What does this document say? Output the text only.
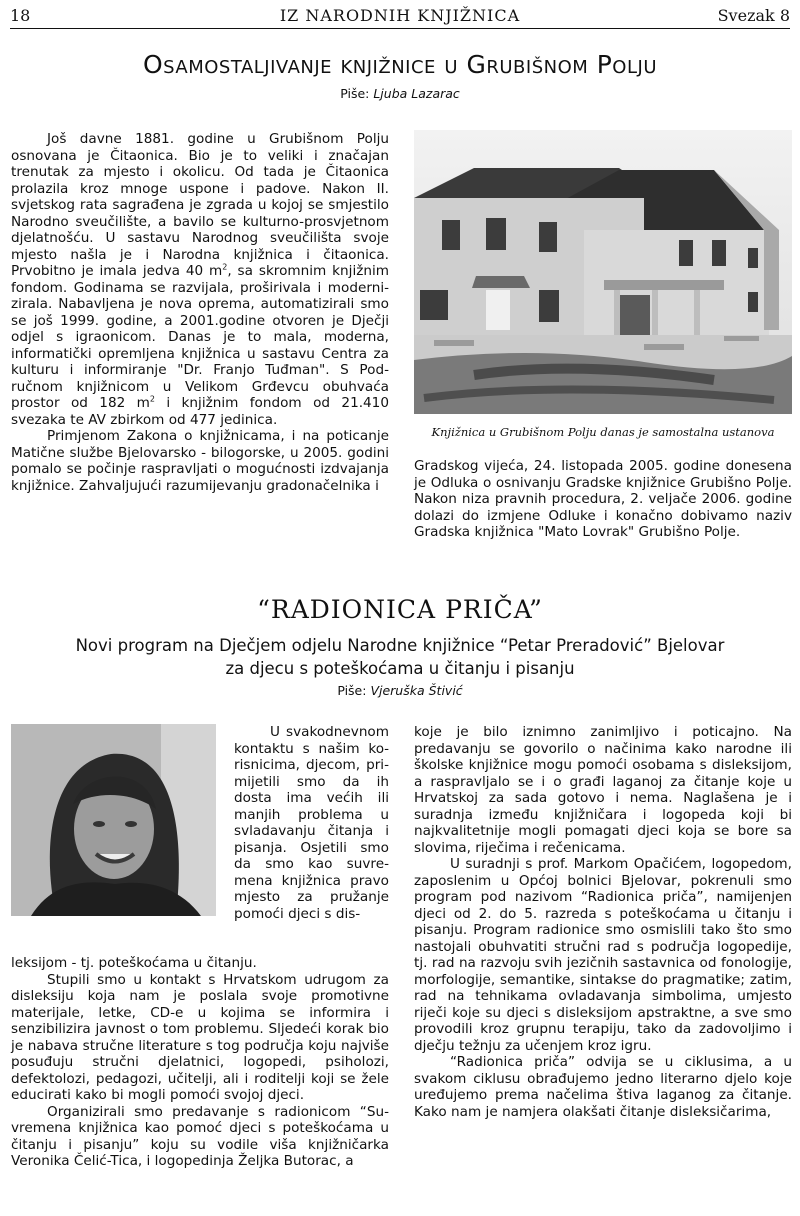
18	IZ NARODNIH KNJIŽNICA	Svezak 8
Osamostaljivanje knjižnice u Grubišnom Polju
Piše: Ljuba Lazarac

Još davne 1881. godine u Grubišnom Polju osnovana je Čitaonica. Bio je to veliki i značajan trenutak za mjesto i okolicu. Od tada je Čitaonica prolazila kroz mnoge uspone i padove. Nakon II. svjetskog rata sagrađena je zgrada u kojoj se smjestilo Narodno sveučilište, a bavilo se kulturno-prosvjetnom djelatnošću. U sastavu Narodnog sveučilišta svoje mjesto našla je i Narodna knjižnica i čitaonica. Prvobitno je imala jedva 40 $m^2$, sa skromnim knjižnim fondom. Godinama se razvijala, proširivala i modernizirala. Nabavljena je nova oprema, automatizirali smo se još 1999. godine, a 2001.godine otvoren je Dječji odjel s igraonicom. Danas je to mala, moderna, informatički opremljena knjižnica u sastavu Centra za kulturu i informiranje "Dr. Franjo Tuđman". S Područnom knjižnicom u Velikom Grđevcu obuhvaća prostor od 182 $m^2$ i knjižnim fondom od 21.410 svezaka te AV zbirkom od 477 jedinica.

Primjenom Zakona o knjižnicama, i na poticanje Matične službe Bjelovarsko - bilogorske, u 2005. godini pomalo se počinje raspravljati o mogućnosti izdvajanja knjižnice. Zahvaljujući razumijevanju gradonačelnika i

Knjižnica u Grubišnom Polju danas je samostalna ustanova

Gradskog vijeća, 24. listopada 2005. godine donesena je Odluka o osnivanju Gradske knjižnice Grubišno Polje. Nakon niza pravnih procedura, 2. veljače 2006. godine dolazi do izmjene Odluke i konačno dobivamo naziv Gradska knjižnica "Mato Lovrak" Grubišno Polje.

“RADIONICA PRIČA”
Novi program na Dječjem odjelu Narodne knjižnice “Petar Preradović” Bjelovar
za djecu s poteškoćama u čitanju i pisanju
Piše: Vjeruška Štivić

U svakodnevnom kontaktu s našim korisnicima, djecom, primijetili smo da ih dosta ima većih ili manjih problema u svladavanju čitanja i pisanja. Osjetili smo da smo kao suvremena knjižnica pravo mjesto za pružanje pomoći djeci s dis-

leksijom - tj. poteškoćama u čitanju.

Stupili smo u kontakt s Hrvatskom udrugom za disleksiju koja nam je poslala svoje promotivne materijale, letke, CD-e u kojima se informira i senzibilizira javnost o tom problemu. Sljedeći korak bio je nabava stručne literature s tog područja koju najviše posuđuju stručni djelatnici, logopedi, psiholozi, defektolozi, pedagozi, učitelji, ali i roditelji koji se žele educirati kako bi mogli pomoći svojoj djeci.

Organizirali smo predavanje s radionicom “Suvremena knjižnica kao pomoć djeci s poteškoćama u čitanju i pisanju” koju su vodile viša knjižničarka Veronika Čelić-Tica, i logopedinja Željka Butorac, a

koje je bilo iznimno zanimljivo i poticajno. Na predavanju se govorilo o načinima kako narodne ili školske knjižnice mogu pomoći osobama s disleksijom, a raspravljalo se i o građi laganoj za čitanje koje u Hrvatskoj za sada gotovo i nema. Naglašena je i suradnja između knjižničara i logopeda koji bi najkvalitetnije mogli pomagati djeci koja se bore sa slovima, riječima i rečenicama.

U suradnji s prof. Markom Opačićem, logopedom, zaposlenim u Općoj bolnici Bjelovar, pokrenuli smo program pod nazivom “Radionica priča”, namijenjen djeci od 2. do 5. razreda s poteškoćama u čitanju i pisanju. Program radionice smo osmislili tako što smo nastojali obuhvatiti stručni rad s područja logopedije, tj. rad na razvoju svih jezičnih sastavnica od fonologije, morfologije, semantike, sintakse do pragmatike; zatim, rad na tehnikama ovladavanja simbolima, umjesto riječi koje su djeci s disleksijom apstraktne, a sve smo provodili kroz grupnu terapiju, tako da zadovoljimo i dječju težnju za učenjem kroz igru.

“Radionica priča” odvija se u ciklusima, a u svakom ciklusu obrađujemo jedno literarno djelo koje uređujemo prema načelima štiva laganog za čitanje. Kako nam je namjera olakšati čitanje disleksičarima,
